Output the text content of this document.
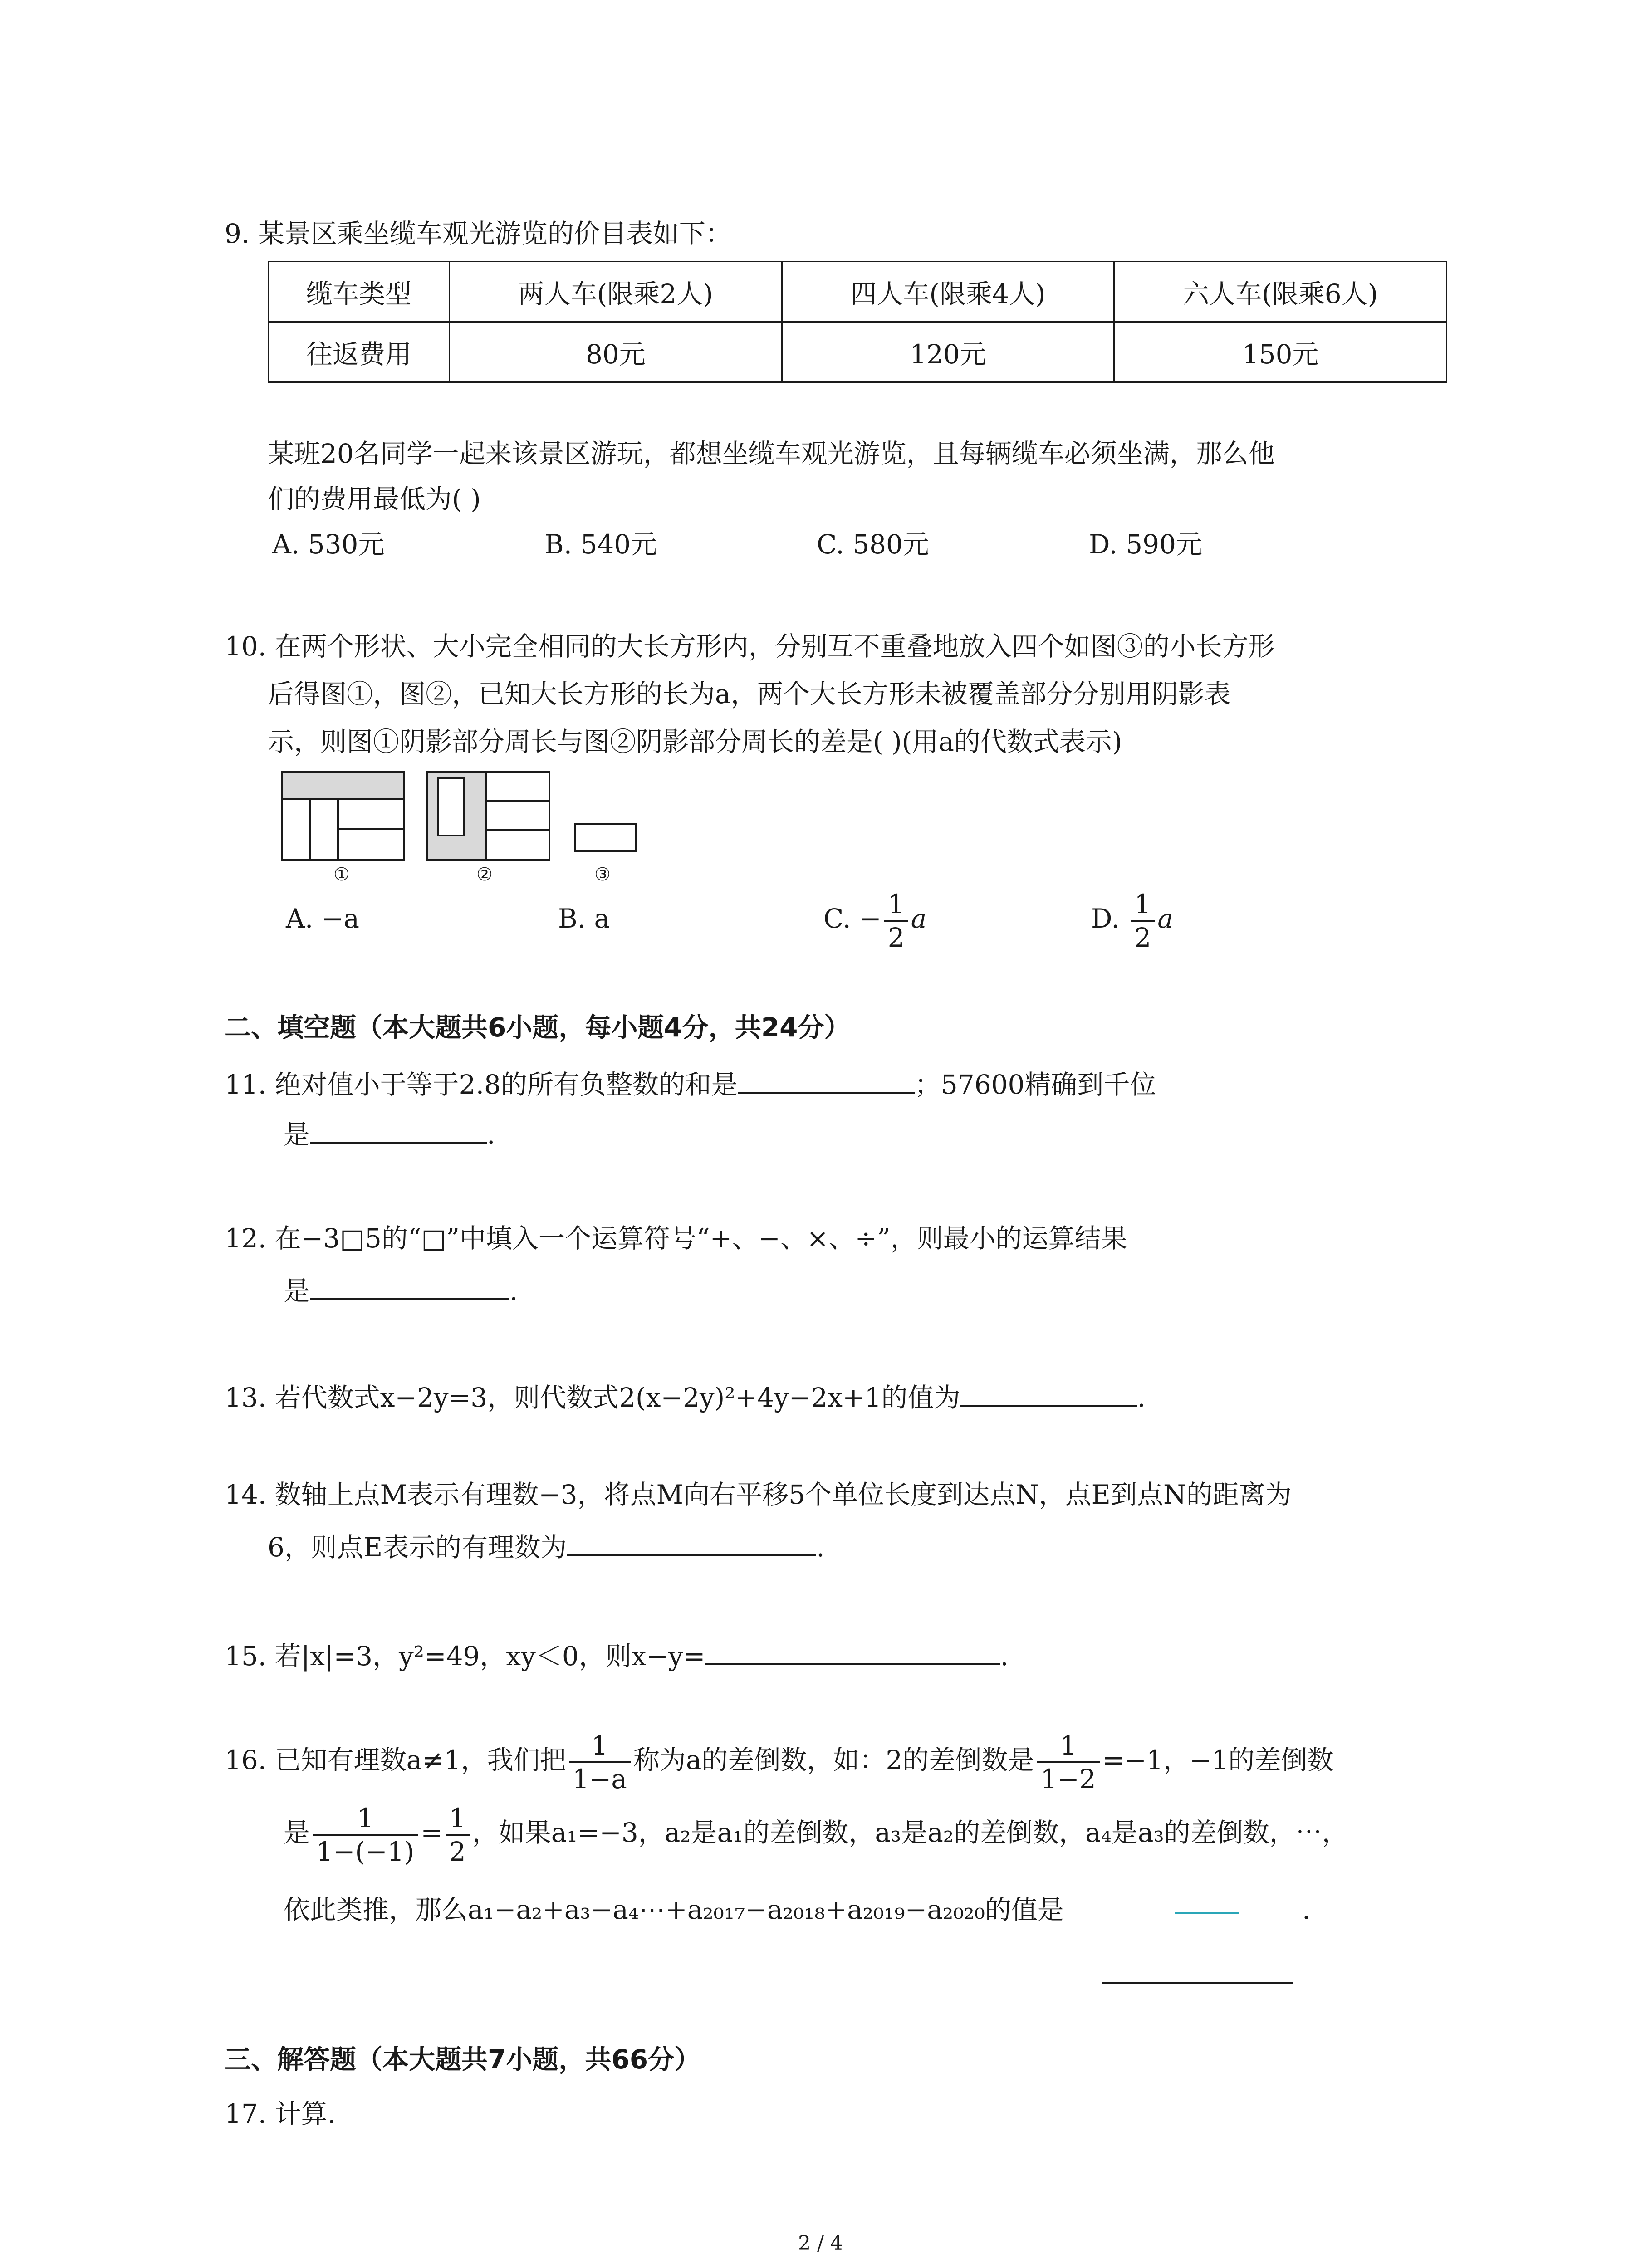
9. 某景区乘坐缆车观光游览的价目表如下：
缆车类型	两人车(限乘2人)	四人车(限乘4人)	六人车(限乘6人)
往返费用	80元	120元	150元
某班20名同学一起来该景区游玩，都想坐缆车观光游览，且每辆缆车必须坐满，那么他
们的费用最低为( )
A. 530元	B. 540元	C. 580元	D. 590元
10. 在两个形状、大小完全相同的大长方形内，分别互不重叠地放入四个如图③的小长方形
后得图①，图②，已知大长方形的长为a，两个大长方形未被覆盖部分分别用阴影表
示，则图①阴影部分周长与图②阴影部分周长的差是( )(用a的代数式表示)
①	②	③
A. −a	B. a	C. − $\frac{1}{2}$ a	D. $\frac{1}{2}$ a
二、填空题（本大题共6小题，每小题4分，共24分）
11. 绝对值小于等于2.8的所有负整数的和是	；57600精确到千位
是	.
12. 在−3□5的“□”中填入一个运算符号“+、−、×、÷”，则最小的运算结果
是	.
13. 若代数式x−2y=3，则代数式2(x−2y)²+4y−2x+1的值为	.
14. 数轴上点M表示有理数−3，将点M向右平移5个单位长度到达点N，点E到点N的距离为
6，则点E表示的有理数为	.
15. 若|x|=3，y²=49，xy＜0，则x−y=	.
16. 已知有理数a≠1，我们把 $\frac{1}{1-a}$ 称为a的差倒数，如：2的差倒数是 $\frac{1}{1-2} =-1$，−1的差倒数
是 $\frac{1}{1-(-1)} = \frac{1}{2}$ ，如果a₁=−3，a₂是a₁的差倒数，a₃是a₂的差倒数，a₄是a₃的差倒数，⋯，
依此类推，那么a₁−a₂+a₃−a₄⋯+a₂₀₁₇−a₂₀₁₈+a₂₀₁₉−a₂₀₂₀的值是	.
三、解答题（本大题共7小题，共66分）
17. 计算.
2 / 4
